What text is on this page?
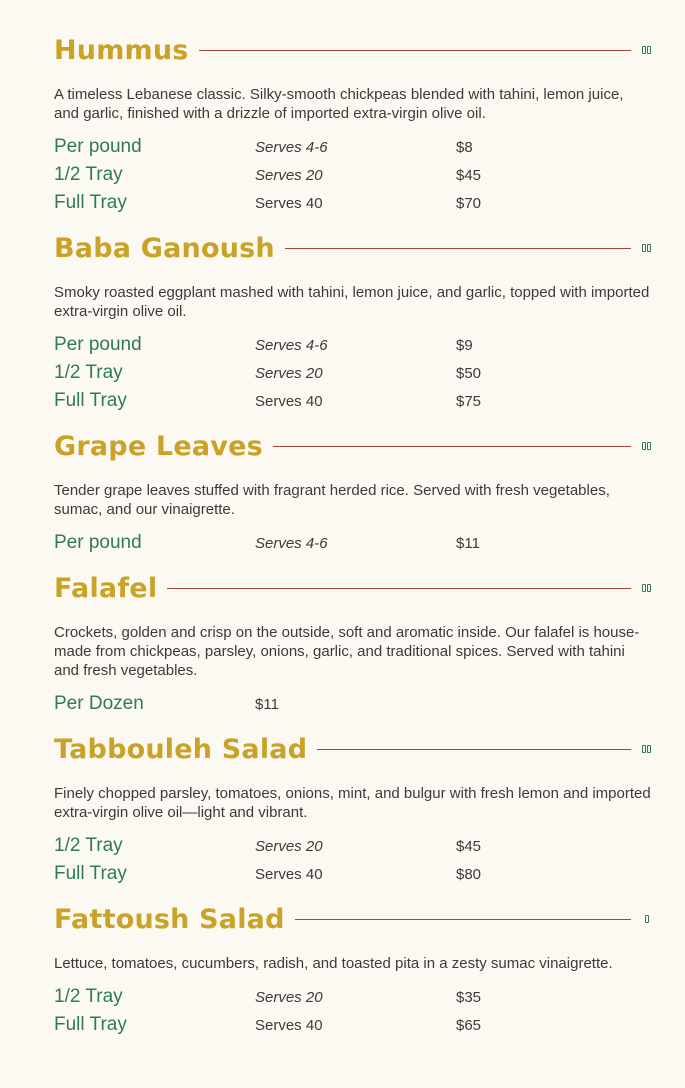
Hummus

A timeless Lebanese classic. Silky-smooth chickpeas blended with tahini, lemon juice, and garlic, finished with a drizzle of imported extra-virgin olive oil.

Per pound	Serves 4-6	$8
1/2 Tray	Serves 20	$45
Full Tray	Serves 40	$70
Baba Ganoush

Smoky roasted eggplant mashed with tahini, lemon juice, and garlic, topped with imported extra-virgin olive oil.

Per pound	Serves 4-6	$9
1/2 Tray	Serves 20	$50
Full Tray	Serves 40	$75
Grape Leaves

Tender grape leaves stuffed with fragrant herded rice. Served with fresh vegetables, sumac, and our vinaigrette.

Per pound	Serves 4-6	$11
Falafel

Crockets, golden and crisp on the outside, soft and aromatic inside. Our falafel is house-made from chickpeas, parsley, onions, garlic, and traditional spices. Served with tahini and fresh vegetables.

Per Dozen	$11
Tabbouleh Salad

Finely chopped parsley, tomatoes, onions, mint, and bulgur with fresh lemon and imported extra-virgin olive oil—light and vibrant.

1/2 Tray	Serves 20	$45
Full Tray	Serves 40	$80
Fattoush Salad

Lettuce, tomatoes, cucumbers, radish, and toasted pita in a zesty sumac vinaigrette.

1/2 Tray	Serves 20	$35
Full Tray	Serves 40	$65
